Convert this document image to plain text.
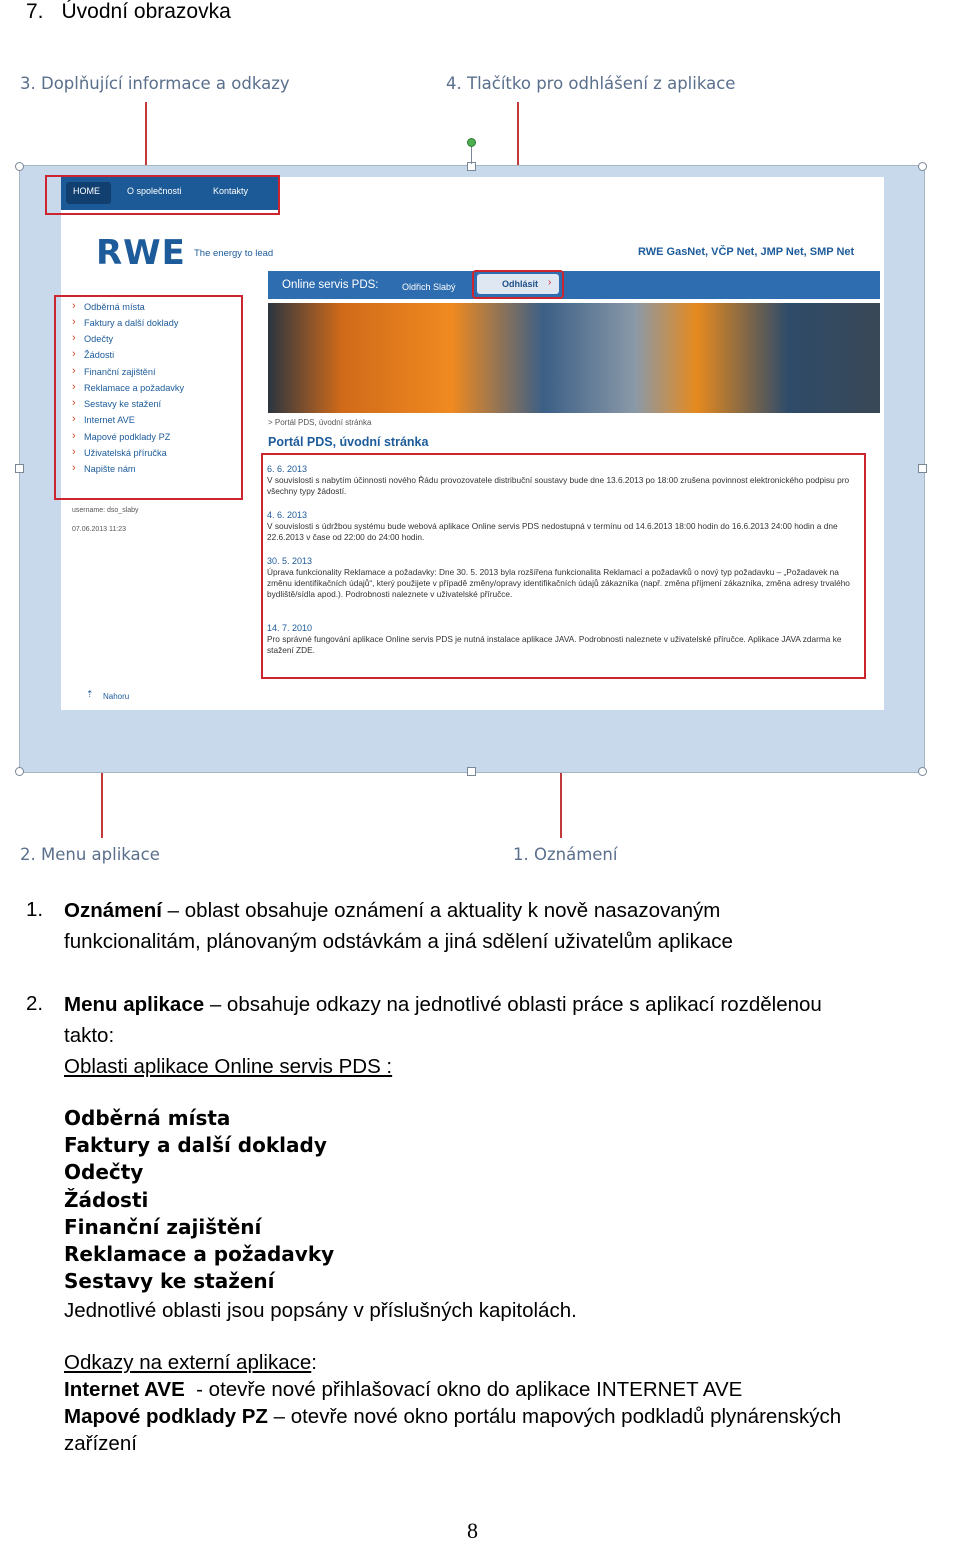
7. Úvodní obrazovka
3. Doplňující informace a odkazy	4. Tlačítko pro odhlášení z aplikace
2. Menu aplikace	1. Oznámení
HOME	O společnosti	Kontakty
RWE The energy to lead	RWE GasNet, VČP Net, JMP Net, SMP Net
Online servis PDS:	Oldřich Slabý	Odhlásit ›
> Portál PDS, úvodní stránka
Portál PDS, úvodní stránka
› Odběrná místa
› Faktury a další doklady
› Odečty
› Žádosti
› Finanční zajištění
› Reklamace a požadavky
› Sestavy ke stažení
› Internet AVE
› Mapové podklady PZ
› Uživatelská příručka
› Napište nám
username: dso_slaby
07.06.2013 11:23
⇡ Nahoru
6. 6. 2013
V souvislosti s nabytím účinnosti nového Řádu provozovatele distribuční soustavy bude dne 13.6.2013 po 18:00 zrušena povinnost elektronického podpisu pro všechny typy žádostí.
4. 6. 2013
V souvislosti s údržbou systému bude webová aplikace Online servis PDS nedostupná v termínu od 14.6.2013 18:00 hodin do 16.6.2013 24:00 hodin a dne 22.6.2013 v čase od 22:00 do 24:00 hodin.
30. 5. 2013
Úprava funkcionality Reklamace a požadavky: Dne 30. 5. 2013 byla rozšířena funkcionalita Reklamací a požadavků o nový typ požadavku – „Požadavek na změnu identifikačních údajů“, který použijete v případě změny/opravy identifikačních údajů zákazníka (např. změna příjmení zákazníka, změna adresy trvalého bydliště/sídla apod.). Podrobnosti naleznete v uživatelské příručce.
14. 7. 2010
Pro správné fungování aplikace Online servis PDS je nutná instalace aplikace JAVA. Podrobnosti naleznete v uživatelské příručce. Aplikace JAVA zdarma ke stažení ZDE.
1. Oznámení – oblast obsahuje oznámení a aktuality k nově nasazovaným
funkcionalitám, plánovaným odstávkám a jiná sdělení uživatelům aplikace
2. Menu aplikace – obsahuje odkazy na jednotlivé oblasti práce s aplikací rozdělenou
takto:
Oblasti aplikace Online servis PDS :
Odběrná místa
Faktury a další doklady
Odečty
Žádosti
Finanční zajištění
Reklamace a požadavky
Sestavy ke stažení
Jednotlivé oblasti jsou popsány v příslušných kapitolách.
Odkazy na externí aplikace:
Internet AVE  - otevře nové přihlašovací okno do aplikace INTERNET AVE
Mapové podklady PZ – otevře nové okno portálu mapových podkladů plynárenských
zařízení
8
